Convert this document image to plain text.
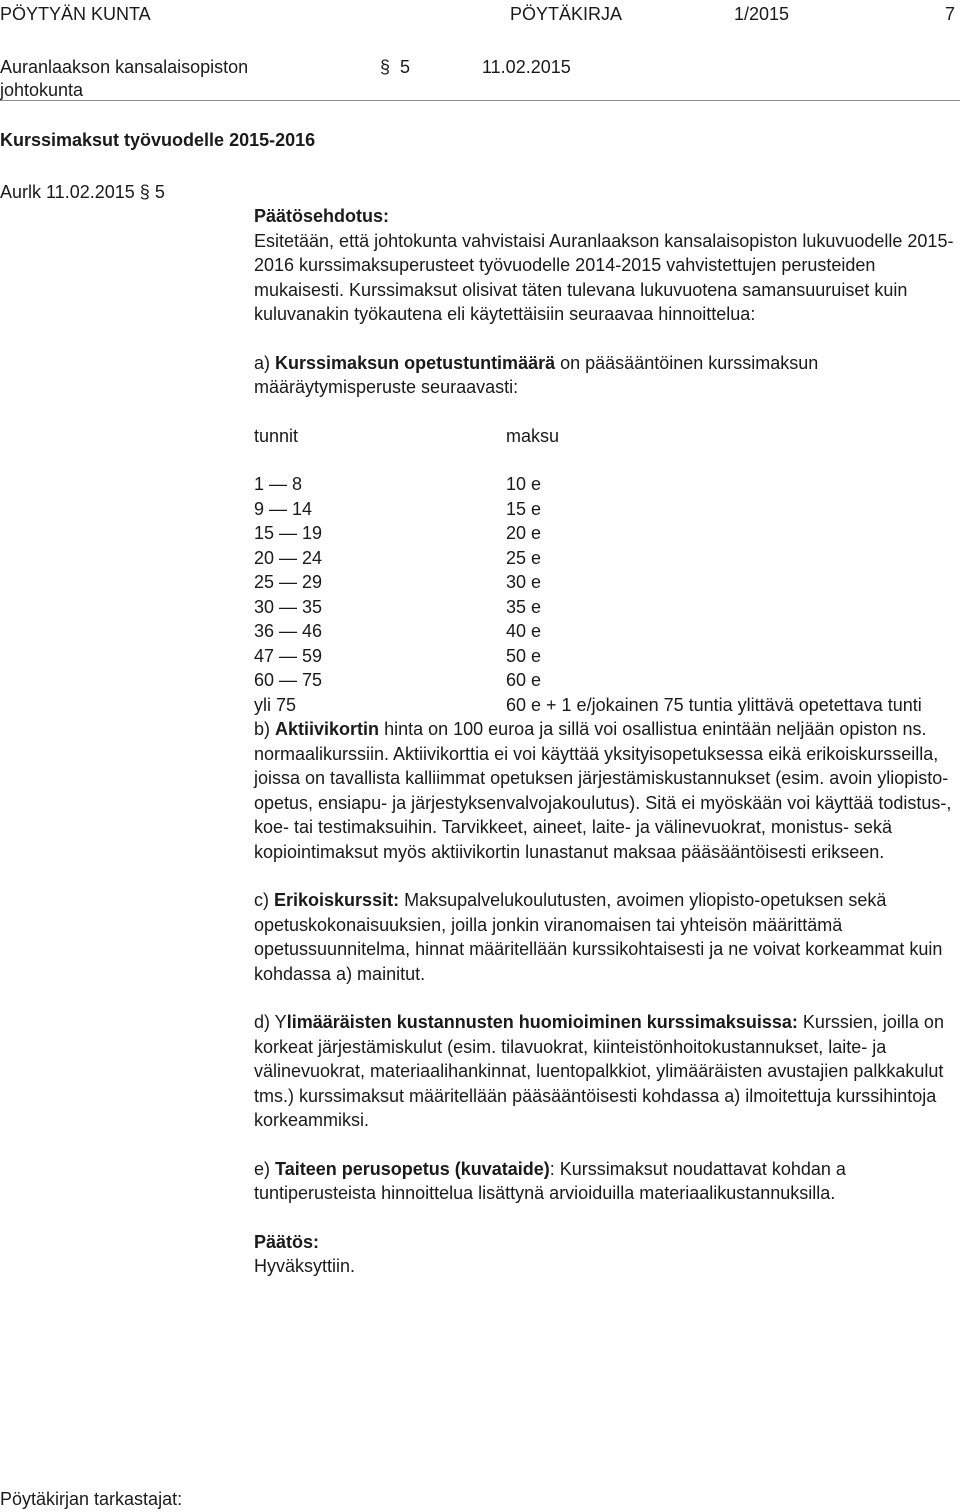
PÖYTYÄN KUNTA	PÖYTÄKIRJA	1/2015	7
Auranlaakson kansalaisopiston
johtokunta
§ 5	11.02.2015
Kurssimaksut työvuodelle 2015-2016
Aurlk 11.02.2015 § 5

Päätösehdotus:

Esitetään, että johtokunta vahvistaisi Auranlaakson kansalaisopiston lukuvuodelle 2015-2016 kurssimaksuperusteet työvuodelle 2014-2015 vahvistettujen perusteiden mukaisesti. Kurssimaksut olisivat täten tulevana lukuvuotena samansuuruiset kuin kuluvanakin työkautena eli käytettäisiin seuraavaa hinnoittelua:

a) Kurssimaksun opetustuntimäärä on pääsääntöinen kurssimaksun määräytymisperuste seuraavasti:

tunnit	maksu
1 — 8	10 e
9 — 14	15 e
15 — 19	20 e
20 — 24	25 e
25 — 29	30 e
30 — 35	35 e
36 — 46	40 e
47 — 59	50 e
60 — 75	60 e
yli 75	60 e + 1 e/jokainen 75 tuntia ylittävä opetettava tunti

b) Aktiivikortin hinta on 100 euroa ja sillä voi osallistua enintään neljään opiston ns. normaalikurssiin. Aktiivikorttia ei voi käyttää yksityisopetuksessa eikä erikoiskursseilla, joissa on tavallista kalliimmat opetuksen järjestämiskustannukset (esim. avoin yliopisto-opetus, ensiapu- ja järjestyksenvalvojakoulutus). Sitä ei myöskään voi käyttää todistus-, koe- tai testimaksuihin. Tarvikkeet, aineet, laite- ja välinevuokrat, monistus- sekä kopiointimaksut myös aktiivikortin lunastanut maksaa pääsääntöisesti erikseen.

c) Erikoiskurssit: Maksupalvelukoulutusten, avoimen yliopisto-opetuksen sekä opetuskokonaisuuksien, joilla jonkin viranomaisen tai yhteisön määrittämä opetussuunnitelma, hinnat määritellään kurssikohtaisesti ja ne voivat korkeammat kuin kohdassa a) mainitut.

d) Ylimääräisten kustannusten huomioiminen kurssimaksuissa: Kurssien, joilla on korkeat järjestämiskulut (esim. tilavuokrat, kiinteistönhoitokustannukset, laite- ja välinevuokrat, materiaalihankinnat, luentopalkkiot, ylimääräisten avustajien palkkakulut tms.) kurssimaksut määritellään pääsääntöisesti kohdassa a) ilmoitettuja kurssihintoja korkeammiksi.

e) Taiteen perusopetus (kuvataide): Kurssimaksut noudattavat kohdan a tuntiperusteista hinnoittelua lisättynä arvioiduilla materiaalikustannuksilla.

Päätös:

Hyväksyttiin.

Pöytäkirjan tarkastajat:
